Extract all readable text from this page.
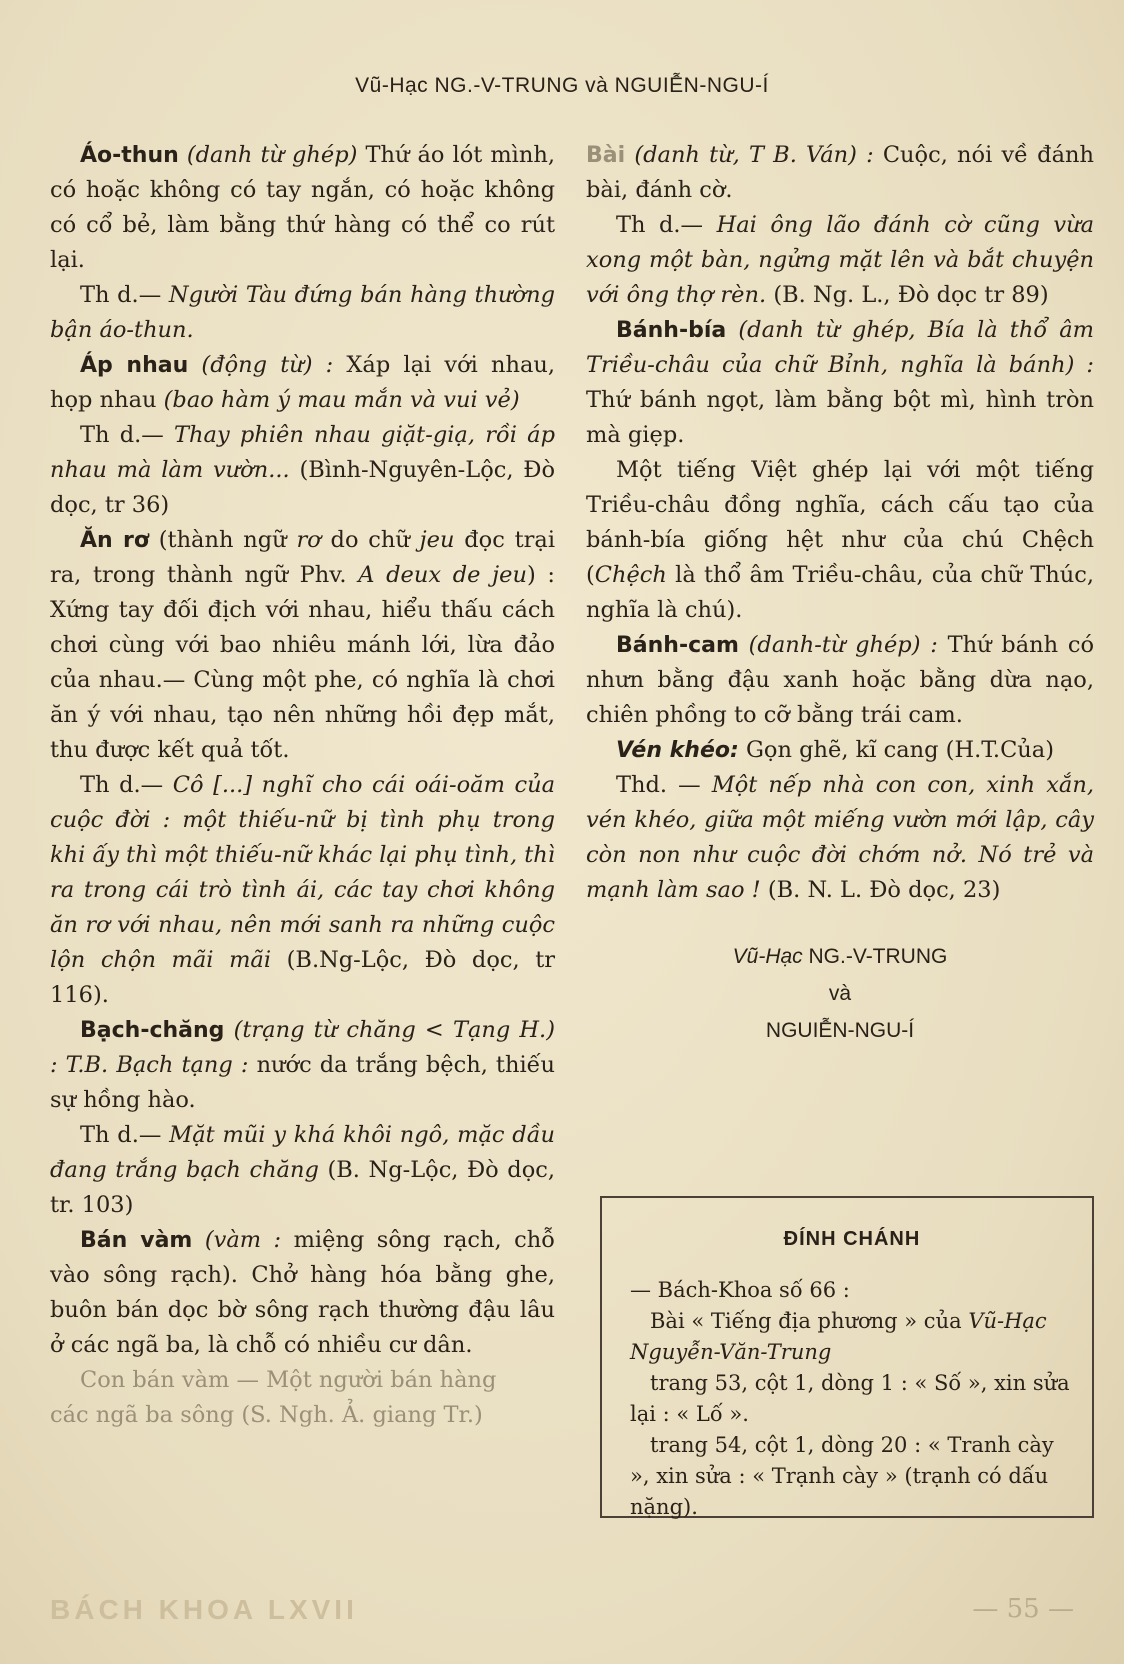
Vũ-Hạc NG.-V-TRUNG và NGUIỄN-NGU-Í

Áo-thun (danh từ ghép) Thứ áo lót mình, có hoặc không có tay ngắn, có hoặc không có cổ bẻ, làm bằng thứ hàng có thể co rút lại.

Th d.— Người Tàu đứng bán hàng thường bận áo-thun.

Áp nhau (động từ) : Xáp lại với nhau, họp nhau (bao hàm ý mau mắn và vui vẻ)

Th d.— Thay phiên nhau giặt-giạ, rồi áp nhau mà làm vườn... (Bình-Nguyên-Lộc, Đò dọc, tr 36)

Ăn rơ (thành ngữ rơ do chữ jeu đọc trại ra, trong thành ngữ Phv. A deux de jeu) : Xứng tay đối địch với nhau, hiểu thấu cách chơi cùng với bao nhiêu mánh lới, lừa đảo của nhau.— Cùng một phe, có nghĩa là chơi ăn ý với nhau, tạo nên những hồi đẹp mắt, thu được kết quả tốt.

Th d.— Cô [...] nghĩ cho cái oái-oăm của cuộc đời : một thiếu-nữ bị tình phụ trong khi ấy thì một thiếu-nữ khác lại phụ tình, thì ra trong cái trò tình ái, các tay chơi không ăn rơ với nhau, nên mới sanh ra những cuộc lộn chộn mãi mãi (B.Ng-Lộc, Đò dọc, tr 116).

Bạch-chăng (trạng từ chăng < Tạng H.) : T.B. Bạch tạng : nước da trắng bệch, thiếu sự hồng hào.

Th d.— Mặt mũi y khá khôi ngô, mặc dầu đang trắng bạch chăng (B. Ng-Lộc, Đò dọc, tr. 103)

Bán vàm (vàm : miệng sông rạch, chỗ vào sông rạch). Chở hàng hóa bằng ghe, buôn bán dọc bờ sông rạch thường đậu lâu ở các ngã ba, là chỗ có nhiều cư dân.

Con bán vàm — Một người bán hàng

các ngã ba sông (S. Ngh. Ả. giang Tr.)

Bài (danh từ, T B. Ván) : Cuộc, nói về đánh bài, đánh cờ.

Th d.— Hai ông lão đánh cờ cũng vừa xong một bàn, ngửng mặt lên và bắt chuyện với ông thợ rèn. (B. Ng. L., Đò dọc tr 89)

Bánh-bía (danh từ ghép, Bía là thổ âm Triều-châu của chữ Bỉnh, nghĩa là bánh) : Thứ bánh ngọt, làm bằng bột mì, hình tròn mà giẹp.

Một tiếng Việt ghép lại với một tiếng Triều-châu đồng nghĩa, cách cấu tạo của bánh-bía giống hệt như của chú Chệch (Chệch là thổ âm Triều-châu, của chữ Thúc, nghĩa là chú).

Bánh-cam (danh-từ ghép) : Thứ bánh có nhưn bằng đậu xanh hoặc bằng dừa nạo, chiên phồng to cỡ bằng trái cam.

Vén khéo: Gọn ghẽ, kĩ cang (H.T.Của)

Thd. — Một nếp nhà con con, xinh xắn, vén khéo, giữa một miếng vườn mới lập, cây còn non như cuộc đời chớm nở. Nó trẻ và mạnh làm sao ! (B. N. L. Đò dọc, 23)

Vũ-Hạc NG.-V-TRUNG
và
NGUIỄN-NGU-Í
ĐÍNH CHÁNH

— Bách-Khoa số 66 :

Bài « Tiếng địa phương » của Vũ-Hạc Nguyễn-Văn-Trung

trang 53, cột 1, dòng 1 : « Số », xin sửa lại : « Lố ».

trang 54, cột 1, dòng 20 : « Tranh cày », xin sửa : « Trạnh cày » (trạnh có dấu nặng).

BÁCH KHOA LXVII	— 55 —
